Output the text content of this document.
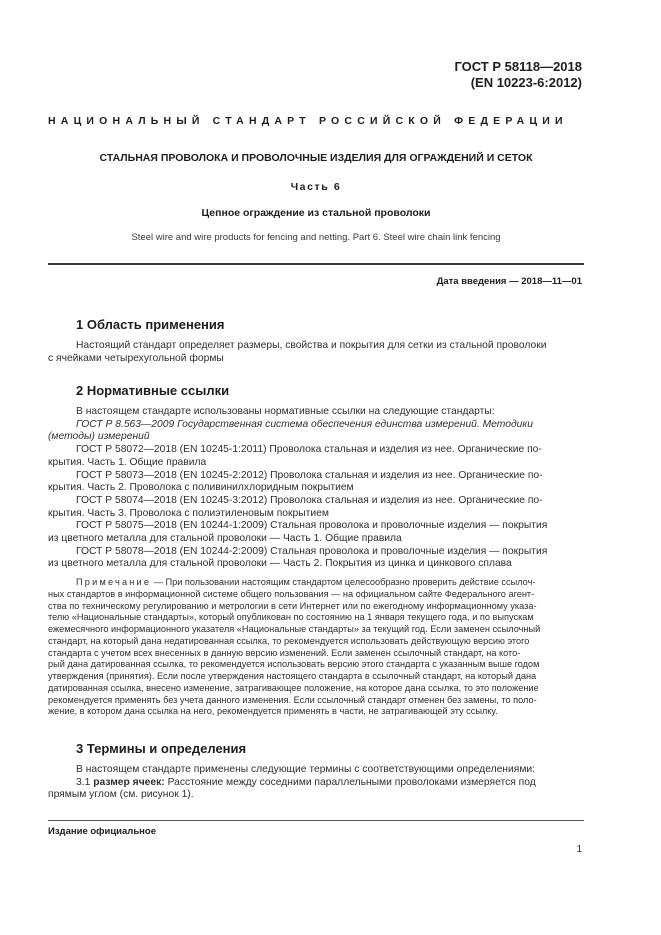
ГОСТ Р 58118—2018
(EN 10223-6:2012)
НАЦИОНАЛЬНЫЙ СТАНДАРТ РОССИЙСКОЙ ФЕДЕРАЦИИ
СТАЛЬНАЯ ПРОВОЛОКА И ПРОВОЛОЧНЫЕ ИЗДЕЛИЯ ДЛЯ ОГРАЖДЕНИЙ И СЕТОК
Часть 6
Цепное ограждение из стальной проволоки
Steel wire and wire products for fencing and netting. Part 6. Steel wire chain link fencing
Дата введения — 2018—11—01
1 Область применения
Настоящий стандарт определяет размеры, свойства и покрытия для сетки из стальной проволоки
с ячейками четырехугольной формы
2 Нормативные ссылки
В настоящем стандарте использованы нормативные ссылки на следующие стандарты:
ГОСТ Р 8.563—2009 Государственная система обеспечения единства измерений. Методики
(методы) измерений
ГОСТ Р 58072—2018 (EN 10245-1:2011) Проволока стальная и изделия из нее. Органические по-
крытия. Часть 1. Общие правила
ГОСТ Р 58073—2018 (EN 10245-2:2012) Проволока стальная и изделия из нее. Органические по-
крытия. Часть 2. Проволока с поливинилхлоридным покрытием
ГОСТ Р 58074—2018 (EN 10245-3:2012) Проволока стальная и изделия из нее. Органические по-
крытия. Часть 3. Проволока с полиэтиленовым покрытием
ГОСТ Р 58075—2018 (EN 10244-1:2009) Стальная проволока и проволочные изделия — покрытия
из цветного металла для стальной проволоки — Часть 1. Общие правила
ГОСТ Р 58078—2018 (EN 10244-2:2009) Стальная проволока и проволочные изделия — покрытия
из цветного металла для стальной проволоки — Часть 2. Покрытия из цинка и цинкового сплава
Примечание — При пользовании настоящим стандартом целесообразно проверить действие ссылоч-
ных стандартов в информационной системе общего пользования — на официальном сайте Федерального агент-
ства по техническому регулированию и метрологии в сети Интернет или по ежегодному информационному указа-
телю «Национальные стандарты», который опубликован по состоянию на 1 января текущего года, и по выпускам
ежемесячного информационного указателя «Национальные стандарты» за текущий год. Если заменен ссылочный
стандарт, на который дана недатированная ссылка, то рекомендуется использовать действующую версию этого
стандарта с учетом всех внесенных в данную версию изменений. Если заменен ссылочный стандарт, на кото-
рый дана датированная ссылка, то рекомендуется использовать версию этого стандарта с указанным выше годом
утверждения (принятия). Если после утверждения настоящего стандарта в ссылочный стандарт, на который дана
датированная ссылка, внесено изменение, затрагивающее положение, на которое дана ссылка, то это положение
рекомендуется применять без учета данного изменения. Если ссылочный стандарт отменен без замены, то поло-
жение, в котором дана ссылка на него, рекомендуется применять в части, не затрагивающей эту ссылку.
3 Термины и определения
В настоящем стандарте применены следующие термины с соответствующими определениями:
3.1 размер ячеек: Расстояние между соседними параллельными проволоками измеряется под
прямым углом (см. рисунок 1).
Издание официальное
1
